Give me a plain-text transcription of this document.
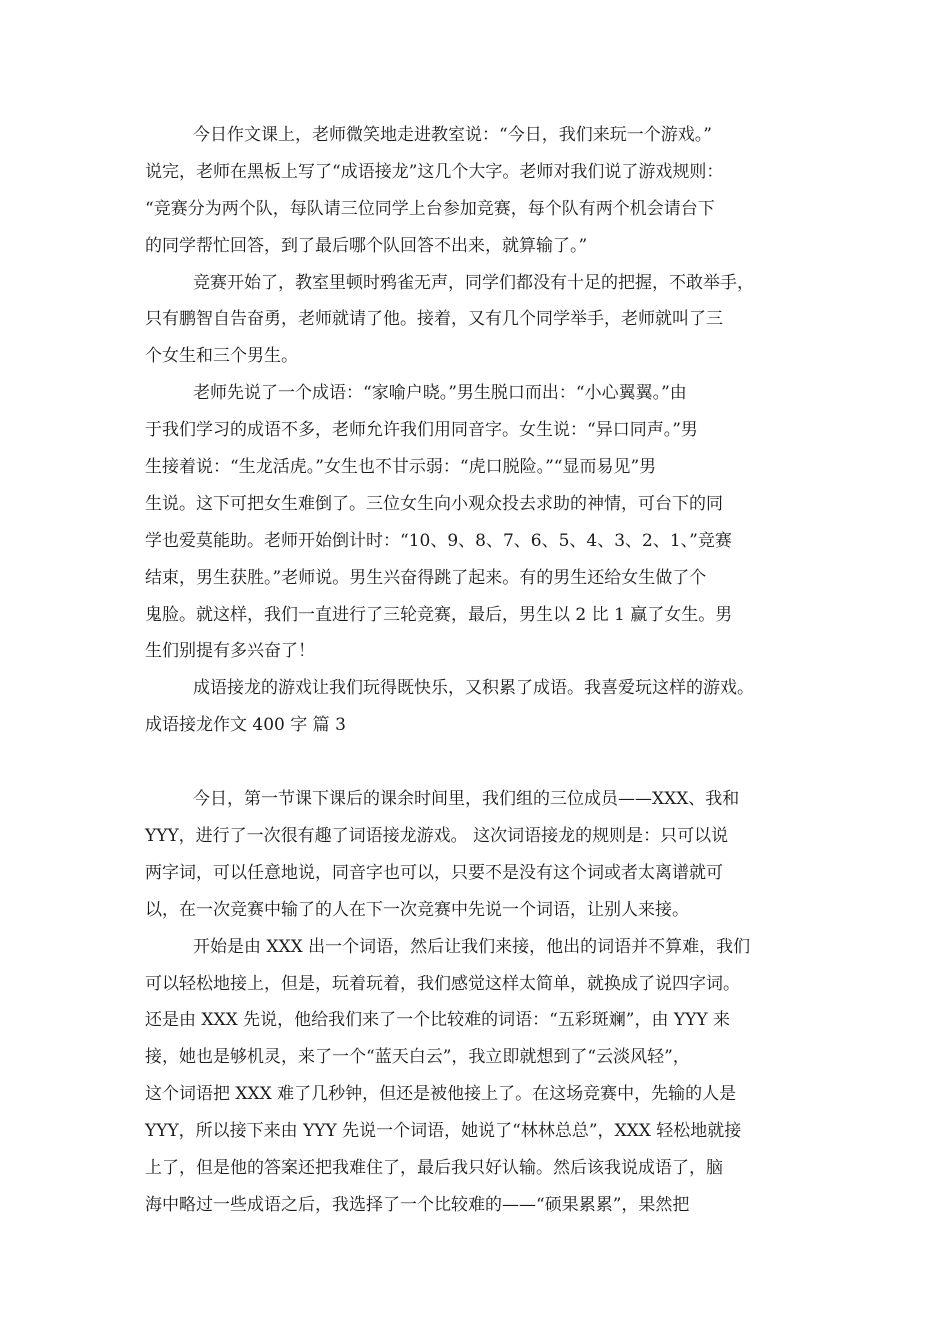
今日作文课上，老师微笑地走进教室说：“今日，我们来玩一个游戏。”
说完，老师在黑板上写了“成语接龙”这几个大字。老师对我们说了游戏规则：
“竞赛分为两个队，每队请三位同学上台参加竞赛，每个队有两个机会请台下
的同学帮忙回答，到了最后哪个队回答不出来，就算输了。”
竞赛开始了，教室里顿时鸦雀无声，同学们都没有十足的把握，不敢举手，
只有鹏智自告奋勇，老师就请了他。接着，又有几个同学举手，老师就叫了三
个女生和三个男生。
老师先说了一个成语：“家喻户晓。”男生脱口而出：“小心翼翼。”由
于我们学习的成语不多，老师允许我们用同音字。女生说：“异口同声。”男
生接着说：“生龙活虎。”女生也不甘示弱：“虎口脱险。”“显而易见”男
生说。这下可把女生难倒了。三位女生向小观众投去求助的神情，可台下的同
学也爱莫能助。老师开始倒计时：“10、9、8、7、6、5、4、3、2、1、”竞赛
结束，男生获胜。”老师说。男生兴奋得跳了起来。有的男生还给女生做了个
鬼脸。就这样，我们一直进行了三轮竞赛，最后，男生以 2 比 1 赢了女生。男
生们别提有多兴奋了！
成语接龙的游戏让我们玩得既快乐，又积累了成语。我喜爱玩这样的游戏。
成语接龙作文 400 字 篇 3
今日，第一节课下课后的课余时间里，我们组的三位成员——XXX、我和
YYY，进行了一次很有趣了词语接龙游戏。 这次词语接龙的规则是：只可以说
两字词，可以任意地说，同音字也可以，只要不是没有这个词或者太离谱就可
以，在一次竞赛中输了的人在下一次竞赛中先说一个词语，让别人来接。
开始是由 XXX 出一个词语，然后让我们来接，他出的词语并不算难，我们
可以轻松地接上，但是，玩着玩着，我们感觉这样太简单，就换成了说四字词。
还是由 XXX 先说，他给我们来了一个比较难的词语：“五彩斑斓”，由 YYY 来
接，她也是够机灵，来了一个“蓝天白云”，我立即就想到了“云淡风轻”，
这个词语把 XXX 难了几秒钟，但还是被他接上了。在这场竞赛中，先输的人是
YYY，所以接下来由 YYY 先说一个词语，她说了“林林总总”，XXX 轻松地就接
上了，但是他的答案还把我难住了，最后我只好认输。然后该我说成语了，脑
海中略过一些成语之后，我选择了一个比较难的——“硕果累累”，果然把
